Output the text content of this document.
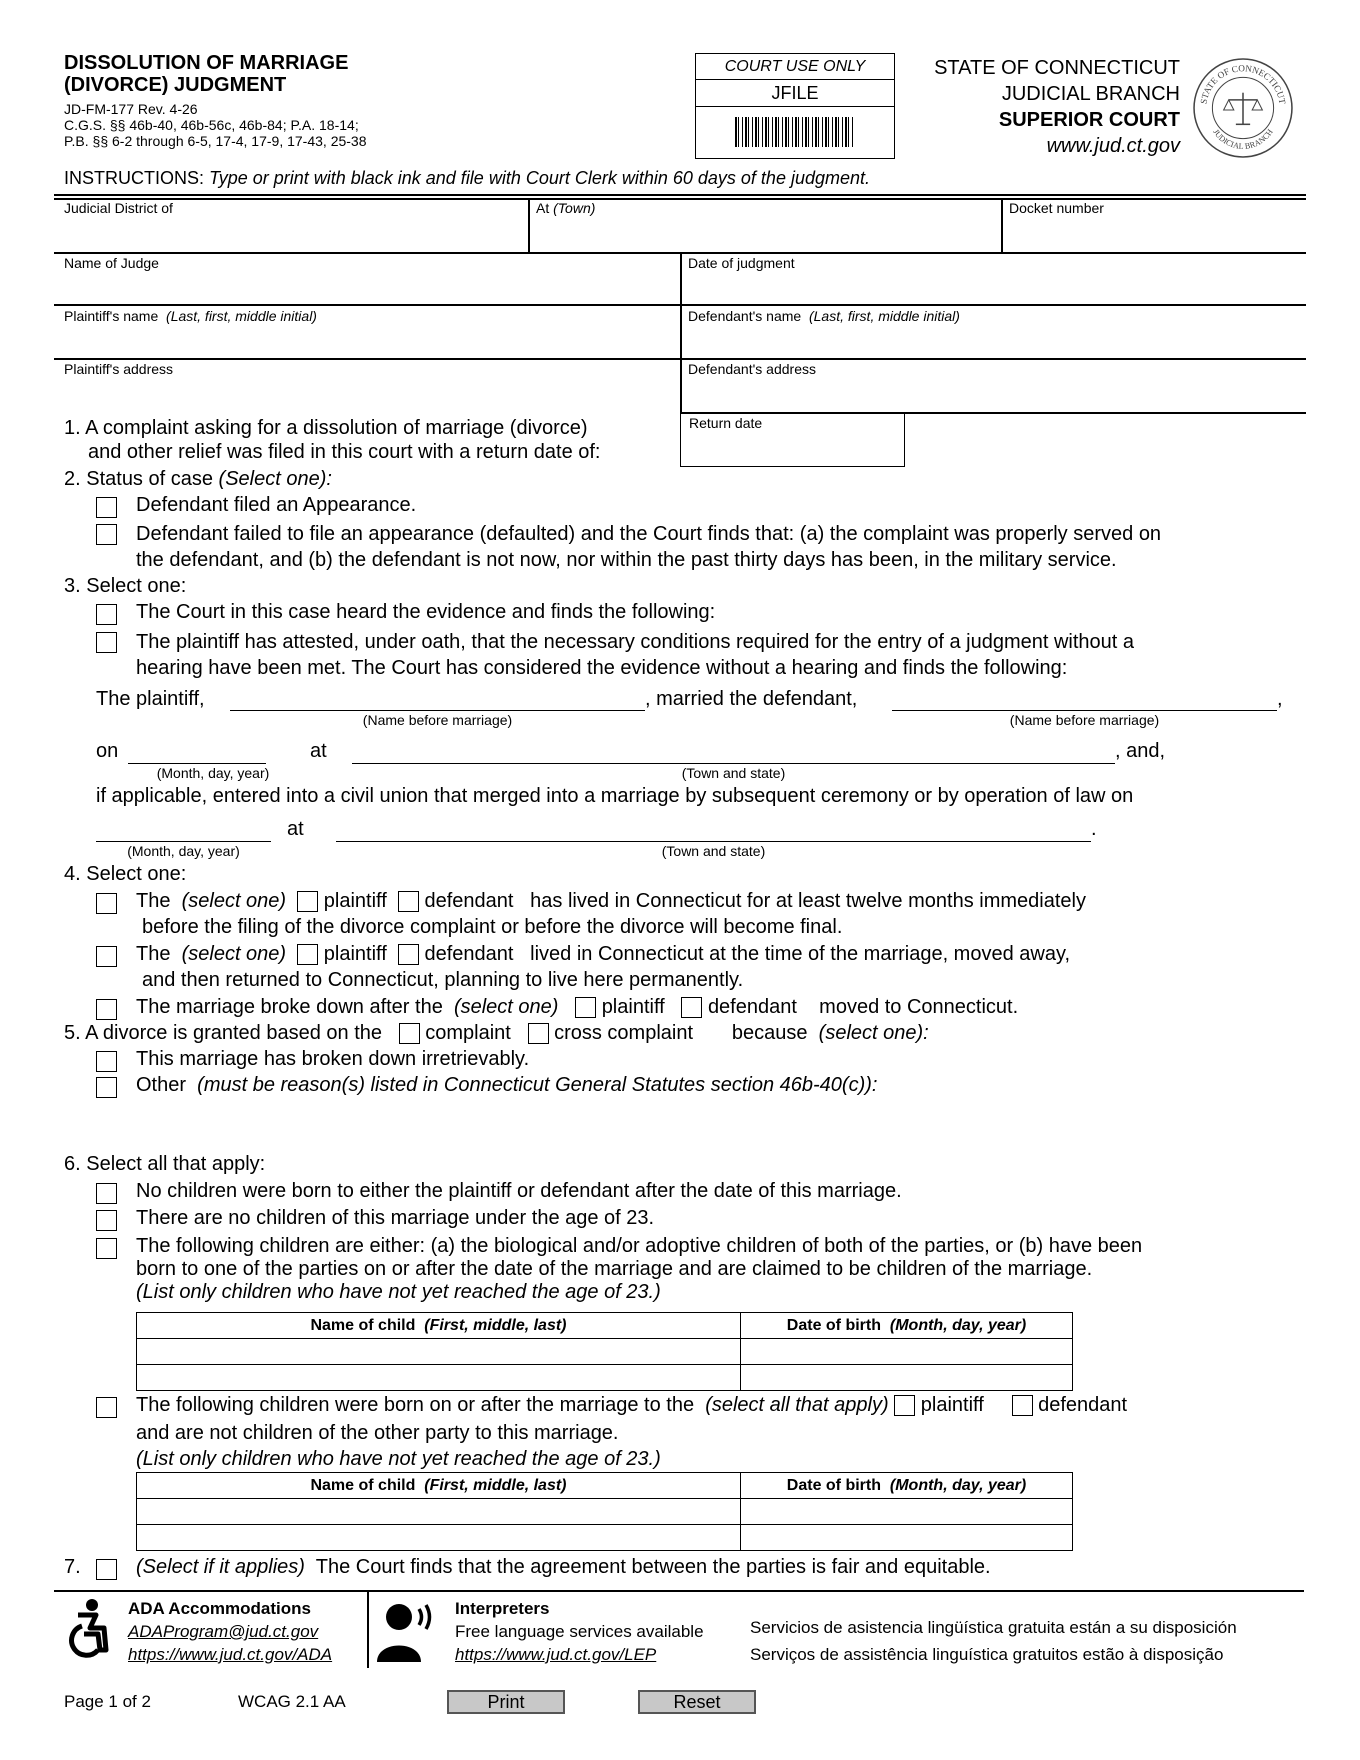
DISSOLUTION OF MARRIAGE
(DIVORCE) JUDGMENT
JD-FM-177 Rev. 4-26
C.G.S. §§ 46b-40, 46b-56c, 46b-84; P.A. 18-14;
P.B. §§ 6-2 through 6-5, 17-4, 17-9, 17-43, 25-38
COURT USE ONLY
JFILE
STATE OF CONNECTICUT
JUDICIAL BRANCH
SUPERIOR COURT
www.jud.ct.gov
STATE OF CONNECTICUT
JUDICIAL BRANCH
INSTRUCTIONS: Type or print with black ink and file with Court Clerk within 60 days of the judgment.
Judicial District of	At (Town)	Docket number
Name of Judge	Date of judgment
Plaintiff's name (Last, first, middle initial)	Defendant's name (Last, first, middle initial)
Plaintiff's address	Defendant's address
Return date
1. A complaint asking for a dissolution of marriage (divorce)
and other relief was filed in this court with a return date of:
2. Status of case (Select one):
Defendant filed an Appearance.
Defendant failed to file an appearance (defaulted) and the Court finds that: (a) the complaint was properly served on
the defendant, and (b) the defendant is not now, nor within the past thirty days has been, in the military service.
3. Select one:
The Court in this case heard the evidence and finds the following:
The plaintiff has attested, under oath, that the necessary conditions required for the entry of a judgment without a
hearing have been met. The Court has considered the evidence without a hearing and finds the following:
The plaintiff,	, married the defendant,	,
(Name before marriage)	(Name before marriage)
on	at	, and,
(Month, day, year)	(Town and state)
if applicable, entered into a civil union that merged into a marriage by subsequent ceremony or by operation of law on
at	.
(Month, day, year)	(Town and state)
4. Select one:
The (select one) plaintiff defendant has lived in Connecticut for at least twelve months immediately
before the filing of the divorce complaint or before the divorce will become final.
The (select one) plaintiff defendant lived in Connecticut at the time of the marriage, moved away,
and then returned to Connecticut, planning to live here permanently.
The marriage broke down after the (select one) plaintiff defendant moved to Connecticut.
5. A divorce is granted based on the complaint cross complaint because (select one):
This marriage has broken down irretrievably.
Other (must be reason(s) listed in Connecticut General Statutes section 46b-40(c)):
6. Select all that apply:
No children were born to either the plaintiff or defendant after the date of this marriage.
There are no children of this marriage under the age of 23.
The following children are either: (a) the biological and/or adoptive children of both of the parties, or (b) have been
born to one of the parties on or after the date of the marriage and are claimed to be children of the marriage.
(List only children who have not yet reached the age of 23.)
Name of child (First, middle, last)	Date of birth (Month, day, year)

The following children were born on or after the marriage to the (select all that apply) plaintiff	defendant
and are not children of the other party to this marriage.
(List only children who have not yet reached the age of 23.)
Name of child (First, middle, last)	Date of birth (Month, day, year)

7.	(Select if it applies) The Court finds that the agreement between the parties is fair and equitable.
ADA Accommodations
ADAProgram@jud.ct.gov
https://www.jud.ct.gov/ADA
Interpreters
Free language services available
https://www.jud.ct.gov/LEP
Servicios de asistencia lingüística gratuita están a su disposición
Serviços de assistência linguística gratuitos estão à disposição
Page 1 of 2	WCAG 2.1 AA	Print	Reset
